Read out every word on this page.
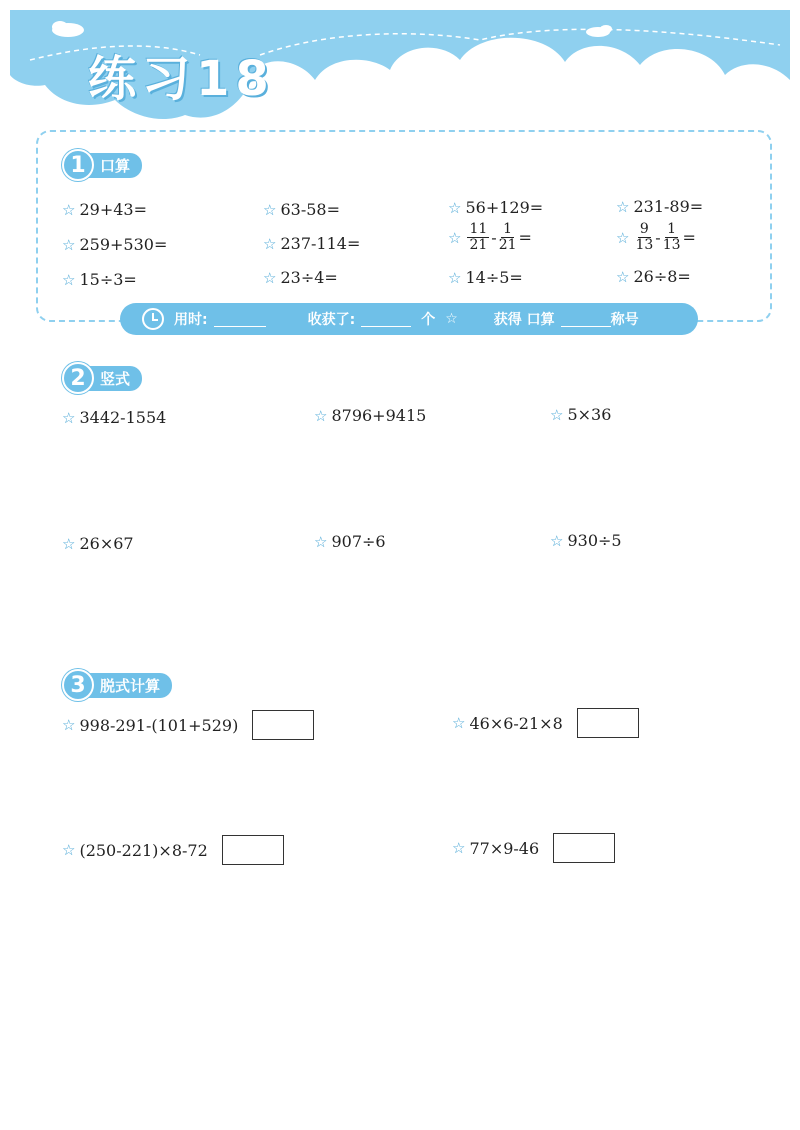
练习18
1 口算
☆ 29+43=	☆ 63-58=	☆ 56+129=	☆ 231-89=
☆ 259+530=	☆ 237-114=	☆ $\frac{11}{21} - \frac{1}{21}$ =	☆ $\frac{9}{13} - \frac{1}{13}$ =
☆ 15÷3=	☆ 23÷4=	☆ 14÷5=	☆ 26÷8=
用时:	收获了:	个 ☆	获得 口算	称号
2 竖式
☆ 3442-1554	☆ 8796+9415	☆ 5×36
☆ 26×67	☆ 907÷6	☆ 930÷5
3 脱式计算
☆ 998-291-(101+529)	☆ 46×6-21×8
☆ (250-221)×8-72	☆ 77×9-46
